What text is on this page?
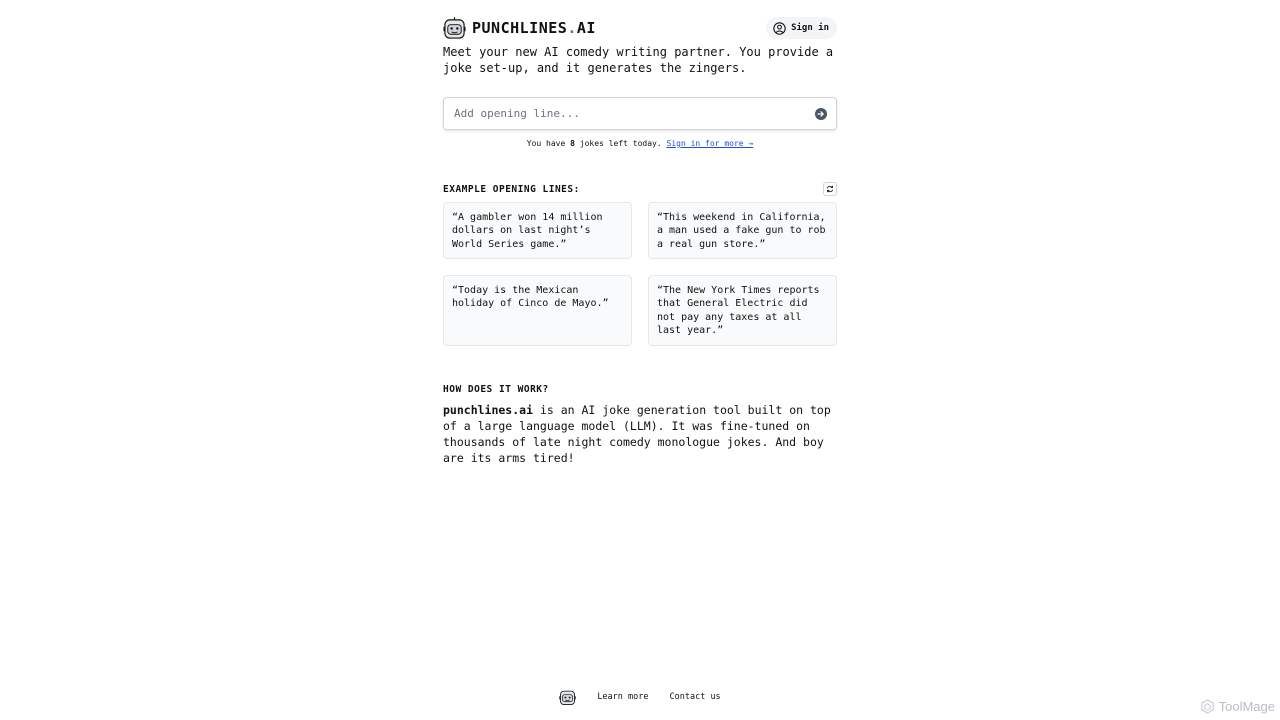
PUNCHLINES.AI	Sign in

Meet your new AI comedy writing partner. You provide a joke set-up, and it generates the zingers.

Add opening line...
You have 8 jokes left today. Sign in for more →
EXAMPLE OPENING LINES:
“A gambler won 14 million dollars on last night’s World Series game.”
“This weekend in California, a man used a fake gun to rob a real gun store.”
“Today is the Mexican holiday of Cinco de Mayo.”
“The New York Times reports that General Electric did not pay any taxes at all last year.”
HOW DOES IT WORK?

punchlines.ai is an AI joke generation tool built on top of a large language model (LLM). It was fine-tuned on thousands of late night comedy monologue jokes. And boy are its arms tired!

Learn more Contact us
ToolMage
